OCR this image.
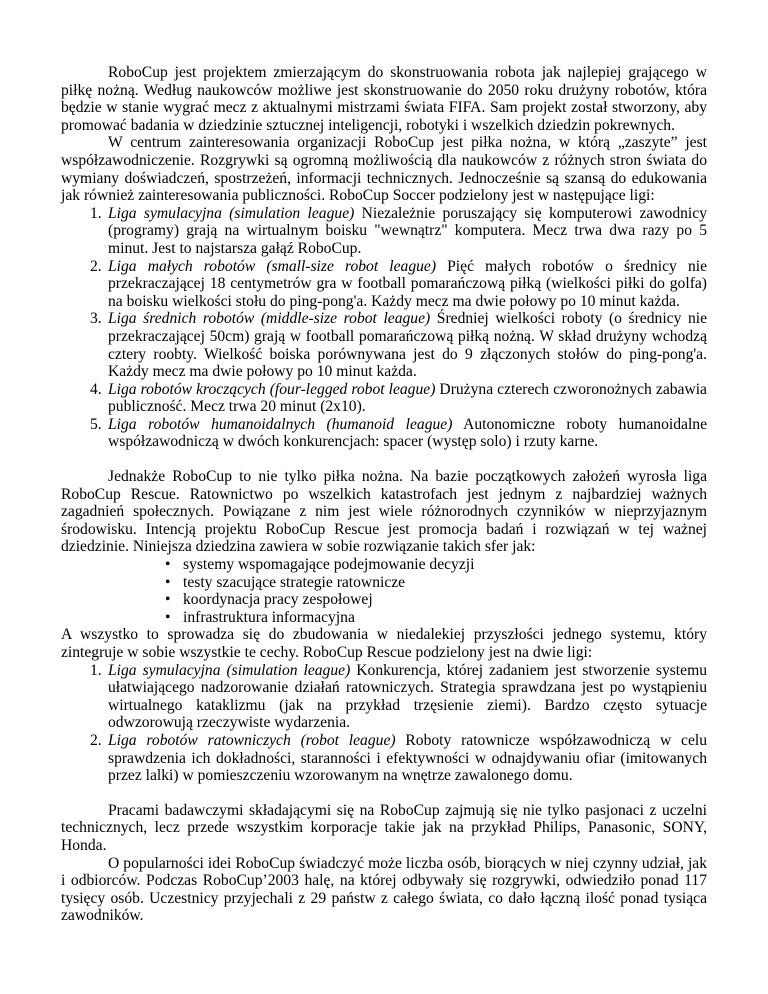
RoboCup jest projektem zmierzającym do skonstruowania robota jak najlepiej grającego w piłkę nożną. Według naukowców możliwe jest skonstruowanie do 2050 roku drużyny robotów, która będzie w stanie wygrać mecz z aktualnymi mistrzami świata FIFA. Sam projekt został stworzony, aby promować badania w dziedzinie sztucznej inteligencji, robotyki i wszelkich dziedzin pokrewnych.

W centrum zainteresowania organizacji RoboCup jest piłka nożna, w którą „zaszyte” jest współzawodniczenie. Rozgrywki są ogromną możliwością dla naukowców z różnych stron świata do wymiany doświadczeń, spostrzeżeń, informacji technicznych. Jednocześnie są szansą do edukowania jak również zainteresowania publiczności. RoboCup Soccer podzielony jest w następujące ligi:

1. Liga symulacyjna (simulation league) Niezależnie poruszający się komputerowi zawodnicy (programy) grają na wirtualnym boisku "wewnątrz" komputera. Mecz trwa dwa razy po 5 minut. Jest to najstarsza gałąź RoboCup.
2. Liga małych robotów (small-size robot league) Pięć małych robotów o średnicy nie przekraczającej 18 centymetrów gra w football pomarańczową piłką (wielkości piłki do golfa) na boisku wielkości stołu do ping-pong'a. Każdy mecz ma dwie połowy po 10 minut każda.
3. Liga średnich robotów (middle-size robot league) Średniej wielkości roboty (o średnicy nie przekraczającej 50cm) grają w football pomarańczową piłką nożną. W skład drużyny wchodzą cztery roobty. Wielkość boiska porównywana jest do 9 złączonych stołów do ping-pong'a. Każdy mecz ma dwie połowy po 10 minut każda.
4. Liga robotów kroczących (four-legged robot league) Drużyna czterech czworonożnych zabawia publiczność. Mecz trwa 20 minut (2x10).
5. Liga robotów humanoidalnych (humanoid league) Autonomiczne roboty humanoidalne współzawodniczą w dwóch konkurencjach: spacer (występ solo) i rzuty karne.

Jednakże RoboCup to nie tylko piłka nożna. Na bazie początkowych założeń wyrosła liga RoboCup Rescue. Ratownictwo po wszelkich katastrofach jest jednym z najbardziej ważnych zagadnień społecznych. Powiązane z nim jest wiele różnorodnych czynników w nieprzyjaznym środowisku. Intencją projektu RoboCup Rescue jest promocja badań i rozwiązań w tej ważnej dziedzinie. Niniejsza dziedzina zawiera w sobie rozwiązanie takich sfer jak:

• systemy wspomagające podejmowanie decyzji
• testy szacujące strategie ratownicze
• koordynacja pracy zespołowej
• infrastruktura informacyjna

A wszystko to sprowadza się do zbudowania w niedalekiej przyszłości jednego systemu, który zintegruje w sobie wszystkie te cechy. RoboCup Rescue podzielony jest na dwie ligi:

1. Liga symulacyjna (simulation league) Konkurencja, której zadaniem jest stworzenie systemu ułatwiającego nadzorowanie działań ratowniczych. Strategia sprawdzana jest po wystąpieniu wirtualnego kataklizmu (jak na przykład trzęsienie ziemi). Bardzo często sytuacje odwzorowują rzeczywiste wydarzenia.
2. Liga robotów ratowniczych (robot league) Roboty ratownicze współzawodniczą w celu sprawdzenia ich dokładności, staranności i efektywności w odnajdywaniu ofiar (imitowanych przez lalki) w pomieszczeniu wzorowanym na wnętrze zawalonego domu.

Pracami badawczymi składającymi się na RoboCup zajmują się nie tylko pasjonaci z uczelni technicznych, lecz przede wszystkim korporacje takie jak na przykład Philips, Panasonic, SONY, Honda.

O popularności idei RoboCup świadczyć może liczba osób, biorących w niej czynny udział, jak i odbiorców. Podczas RoboCup’2003 halę, na której odbywały się rozgrywki, odwiedziło ponad 117 tysięcy osób. Uczestnicy przyjechali z 29 państw z całego świata, co dało łączną ilość ponad tysiąca zawodników.
